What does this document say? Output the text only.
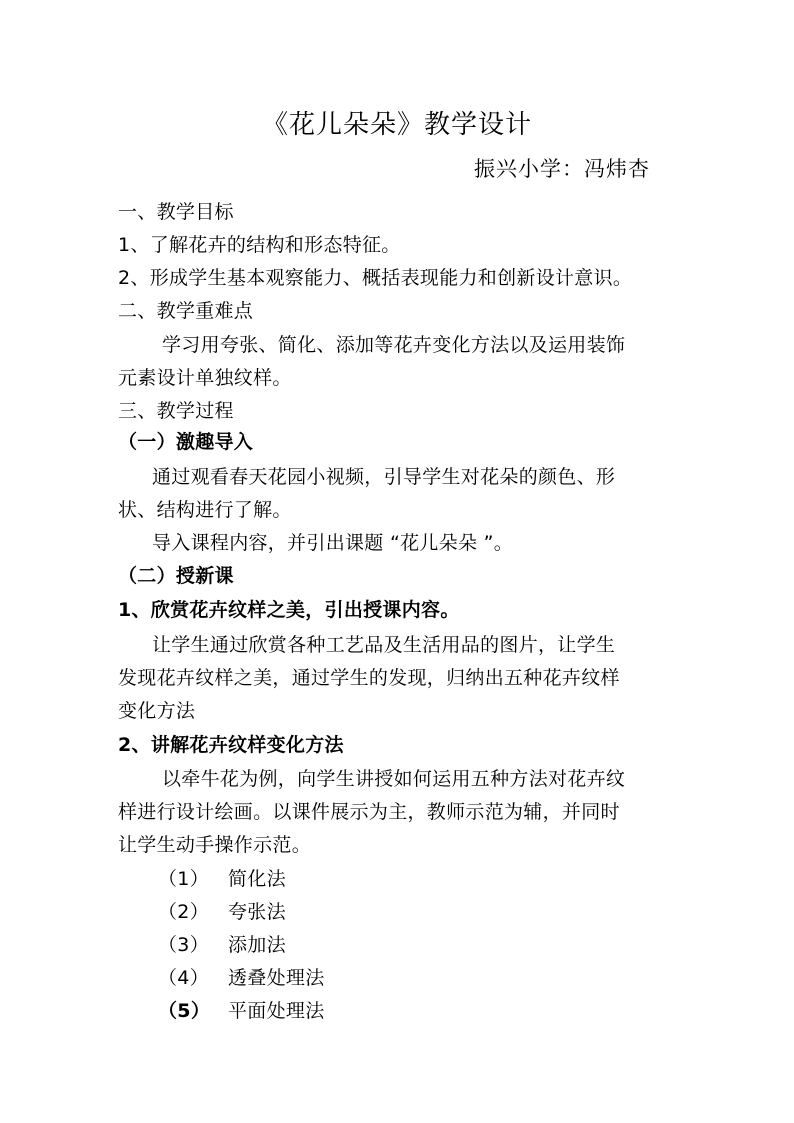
《花儿朵朵》教学设计
振兴小学：冯炜杏
一、教学目标
1、了解花卉的结构和形态特征。
2、形成学生基本观察能力、概括表现能力和创新设计意识。
二、教学重难点
学习用夸张、简化、添加等花卉变化方法以及运用装饰
元素设计单独纹样。
三、教学过程
（一）激趣导入
通过观看春天花园小视频，引导学生对花朵的颜色、形
状、结构进行了解。
导入课程内容，并引出课题 “花儿朵朵 ”。
（二）授新课
1、欣赏花卉纹样之美，引出授课内容。
让学生通过欣赏各种工艺品及生活用品的图片，让学生
发现花卉纹样之美，通过学生的发现，归纳出五种花卉纹样
变化方法
2、讲解花卉纹样变化方法
以牵牛花为例，向学生讲授如何运用五种方法对花卉纹
样进行设计绘画。以课件展示为主，教师示范为辅，并同时
让学生动手操作示范。
（1） 简化法
（2） 夸张法
（3） 添加法
（4） 透叠处理法
（5） 平面处理法
